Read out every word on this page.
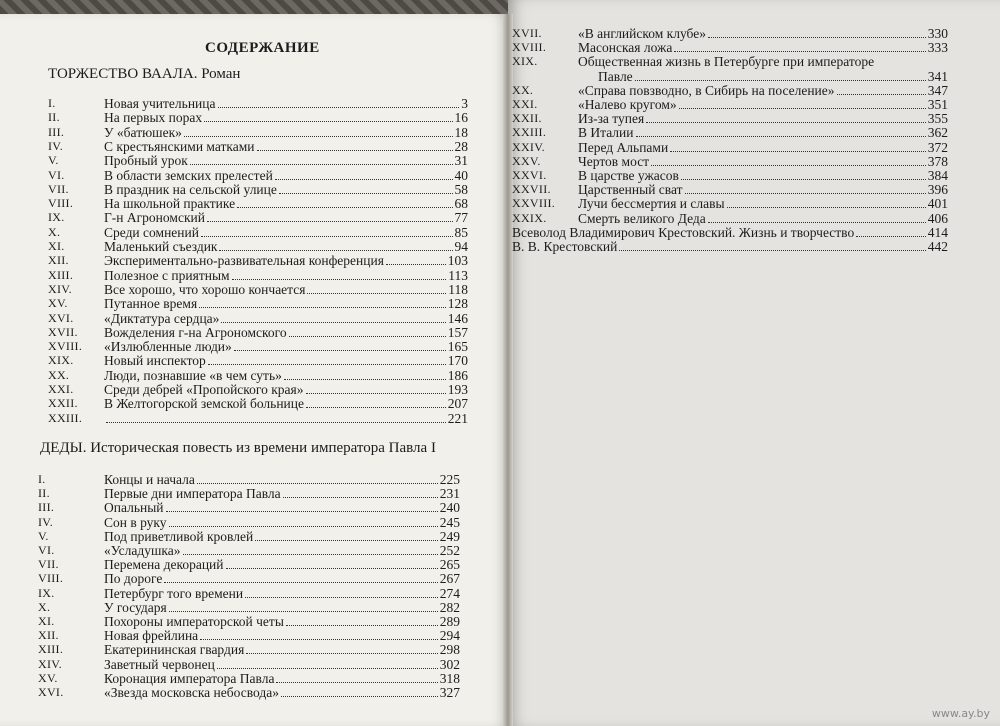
СОДЕРЖАНИЕ
ТОРЖЕСТВО ВААЛА. Роман
ДЕДЫ. Историческая повесть из времени императора Павла I
I.	Новая учительница	3
II.	На первых порах	16
III.	У «батюшек»	18
IV.	С крестьянскими матками	28
V.	Пробный урок	31
VI.	В области земских прелестей	40
VII.	В праздник на сельской улице	58
VIII.	На школьной практике	68
IX.	Г-н Агрономский	77
X.	Среди сомнений	85
XI.	Маленький съездик	94
XII.	Экспериментально-развивательная конференция	103
XIII.	Полезное с приятным	113
XIV.	Все хорошо, что хорошо кончается	118
XV.	Путанное время	128
XVI.	«Диктатура сердца»	146
XVII.	Вожделения г-на Агрономского	157
XVIII.	«Излюбленные люди»	165
XIX.	Новый инспектор	170
XX.	Люди, познавшие «в чем суть»	186
XXI.	Среди дебрей «Пропойского края»	193
XXII.	В Желтогорской земской больнице	207
XXIII.	221
I.	Концы и начала	225
II.	Первые дни императора Павла	231
III.	Опальный	240
IV.	Сон в руку	245
V.	Под приветливой кровлей	249
VI.	«Усладушка»	252
VII.	Перемена декораций	265
VIII.	По дороге	267
IX.	Петербург того времени	274
X.	У государя	282
XI.	Похороны императорской четы	289
XII.	Новая фрейлина	294
XIII.	Екатерининская гвардия	298
XIV.	Заветный червонец	302
XV.	Коронация императора Павла	318
XVI.	«Звезда московска небосвода»	327
XVII.	«В английском клубе»	330
XVIII.	Масонская ложа	333
XIX.	Общественная жизнь в Петербурге при императоре
Павле	341
XX.	«Справа повзводно, в Сибирь на поселение»	347
XXI.	«Налево кругом»	351
XXII.	Из-за тупея	355
XXIII.	В Италии	362
XXIV.	Перед Альпами	372
XXV.	Чертов мост	378
XXVI.	В царстве ужасов	384
XXVII.	Царственный сват	396
XXVIII.	Лучи бессмертия и славы	401
XXIX.	Смерть великого Деда	406
Всеволод Владимирович Крестовский. Жизнь и творчество	414
В. В. Крестовский	442
www.ay.by
